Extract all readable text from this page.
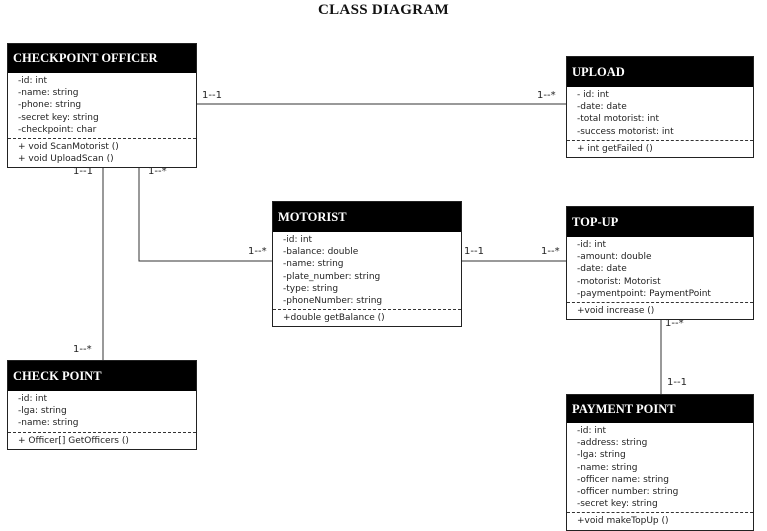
CLASS DIAGRAM
CHECKPOINT OFFICER
-id: int
-name: string
-phone: string
-secret key: string
-checkpoint: char
+ void ScanMotorist ()
+ void UploadScan ()
UPLOAD
- id: int
-date: date
-total motorist: int
-success motorist: int
+ int getFailed ()
MOTORIST
-id: int
-balance: double
-name: string
-plate_number: string
-type: string
-phoneNumber: string
+double getBalance ()
TOP-UP
-id: int
-amount: double
-date: date
-motorist: Motorist
-paymentpoint: PaymentPoint
+void increase ()
CHECK POINT
-id: int
-lga: string
-name: string
+ Officer[] GetOfficers ()
PAYMENT POINT
-id: int
-address: string
-lga: string
-name: string
-officer name: string
-officer number: string
-secret key: string
+void makeTopUp ()
1--1	1--*
1--1
1--*
1--*
1--*	1--1	1--*
1--*
1--1
